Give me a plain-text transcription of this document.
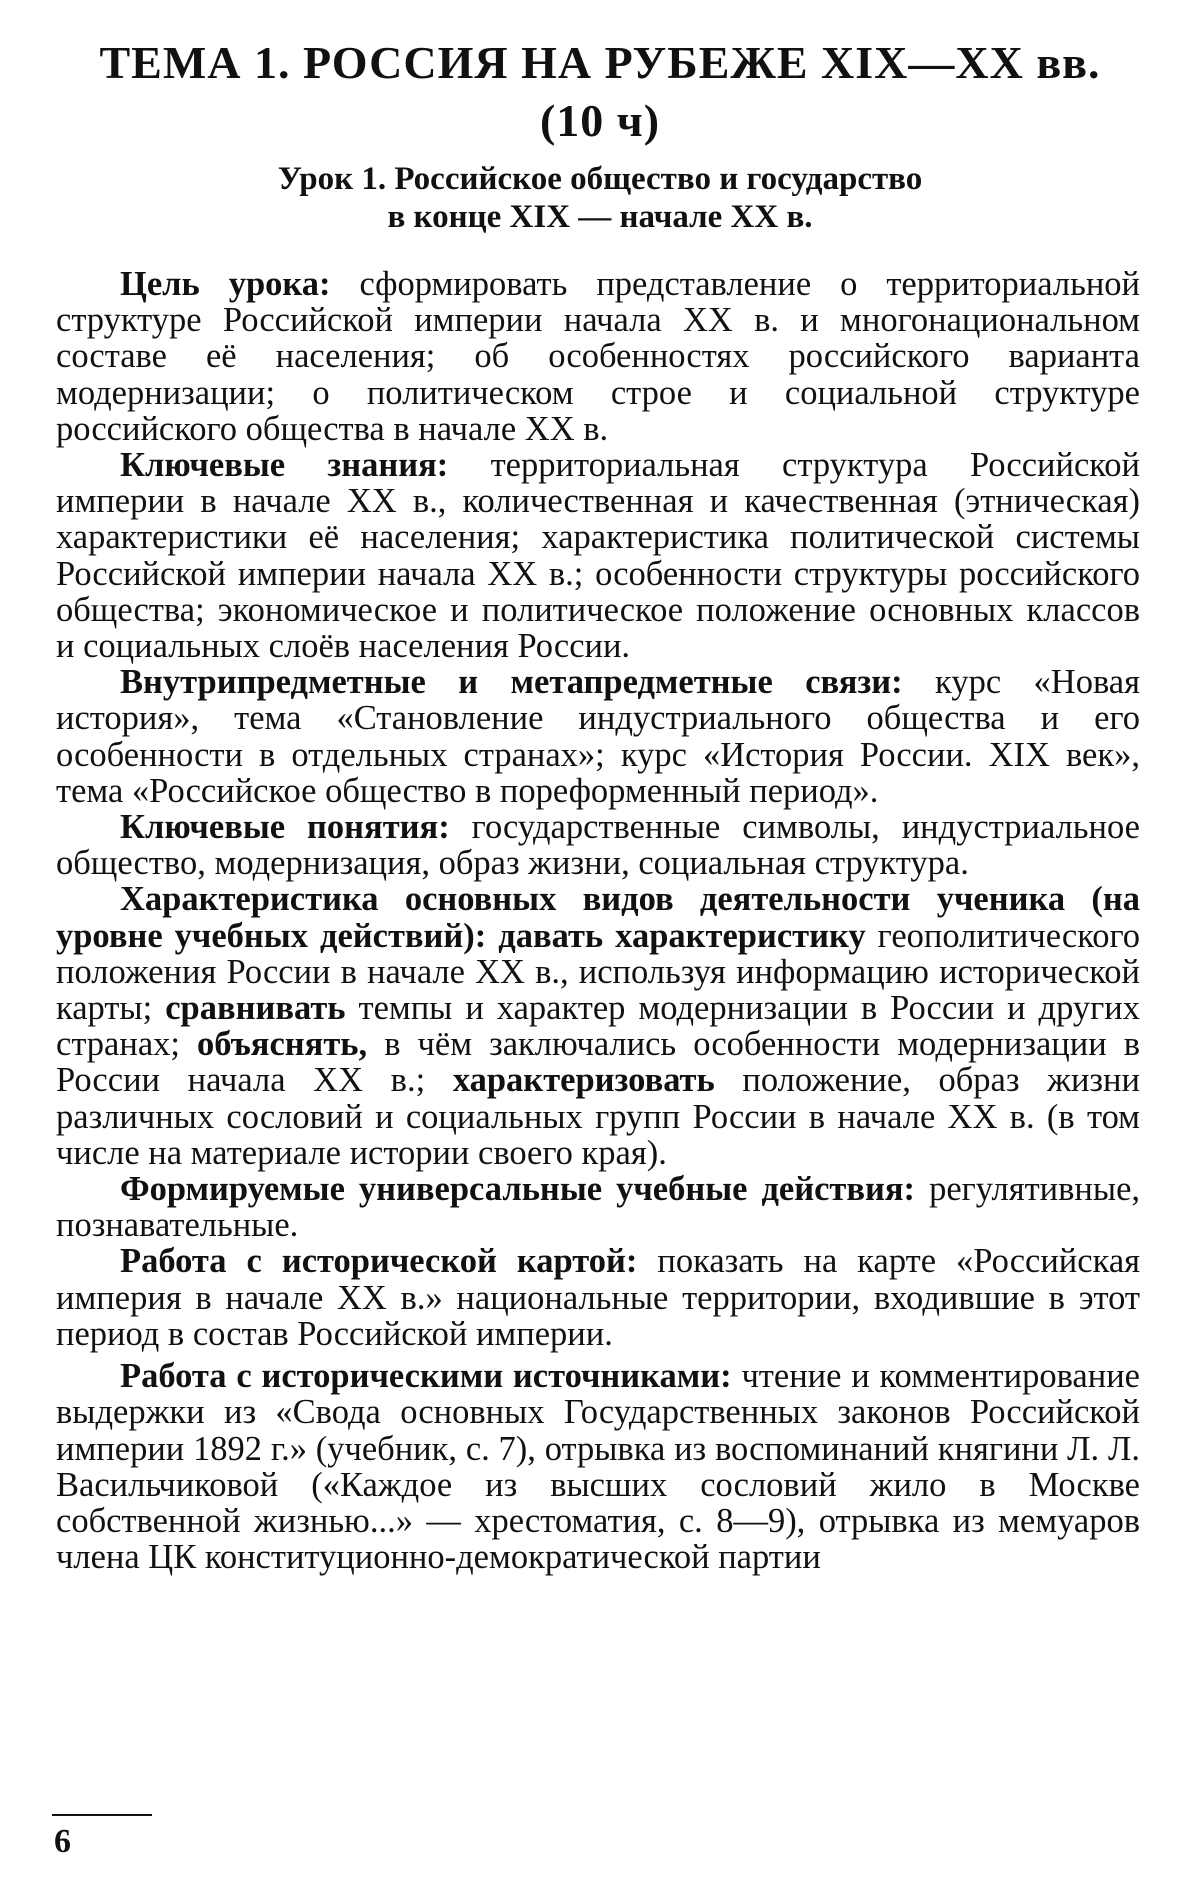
ТЕМА 1. РОССИЯ НА РУБЕЖЕ XIX—XX вв.
(10 ч)
Урок 1. Российское общество и государство
в конце XIX — начале XX в.

Цель урока: сформировать представление о территориальной структуре Российской империи начала XX в. и многонациональном составе её населения; об особенностях российского варианта модернизации; о политическом строе и социальной структуре российского общества в начале XX в.

Ключевые знания: территориальная структура Российской империи в начале XX в., количественная и качественная (этническая) характеристики её населения; характеристика политической системы Российской империи начала XX в.; особенности структуры российского общества; экономическое и политическое положение основных классов и социальных слоёв населения России.

Внутрипредметные и метапредметные связи: курс «Новая история», тема «Становление индустриального общества и его особенности в отдельных странах»; курс «История России. XIX век», тема «Российское общество в пореформенный период».

Ключевые понятия: государственные символы, индустриальное общество, модернизация, образ жизни, социальная структура.

Характеристика основных видов деятельности ученика (на уровне учебных действий): давать характеристику геополитического положения России в начале XX в., используя информацию исторической карты; сравнивать темпы и характер модернизации в России и других странах; объяснять, в чём заключались особенности модернизации в России начала XX в.; характеризовать положение, образ жизни различных сословий и социальных групп России в начале XX в. (в том числе на материале истории своего края).

Формируемые универсальные учебные действия: регулятивные, познавательные.

Работа с исторической картой: показать на карте «Российская империя в начале XX в.» национальные территории, входившие в этот период в состав Российской империи.

Работа с историческими источниками: чтение и комментирование выдержки из «Свода основных Государственных законов Российской империи 1892 г.» (учебник, с. 7), отрывка из воспоминаний княгини Л. Л. Васильчиковой («Каждое из высших сословий жило в Москве собственной жизнью...» — хрестоматия, с. 8—9), отрывка из мемуаров члена ЦК конституционно-демократической партии

6
